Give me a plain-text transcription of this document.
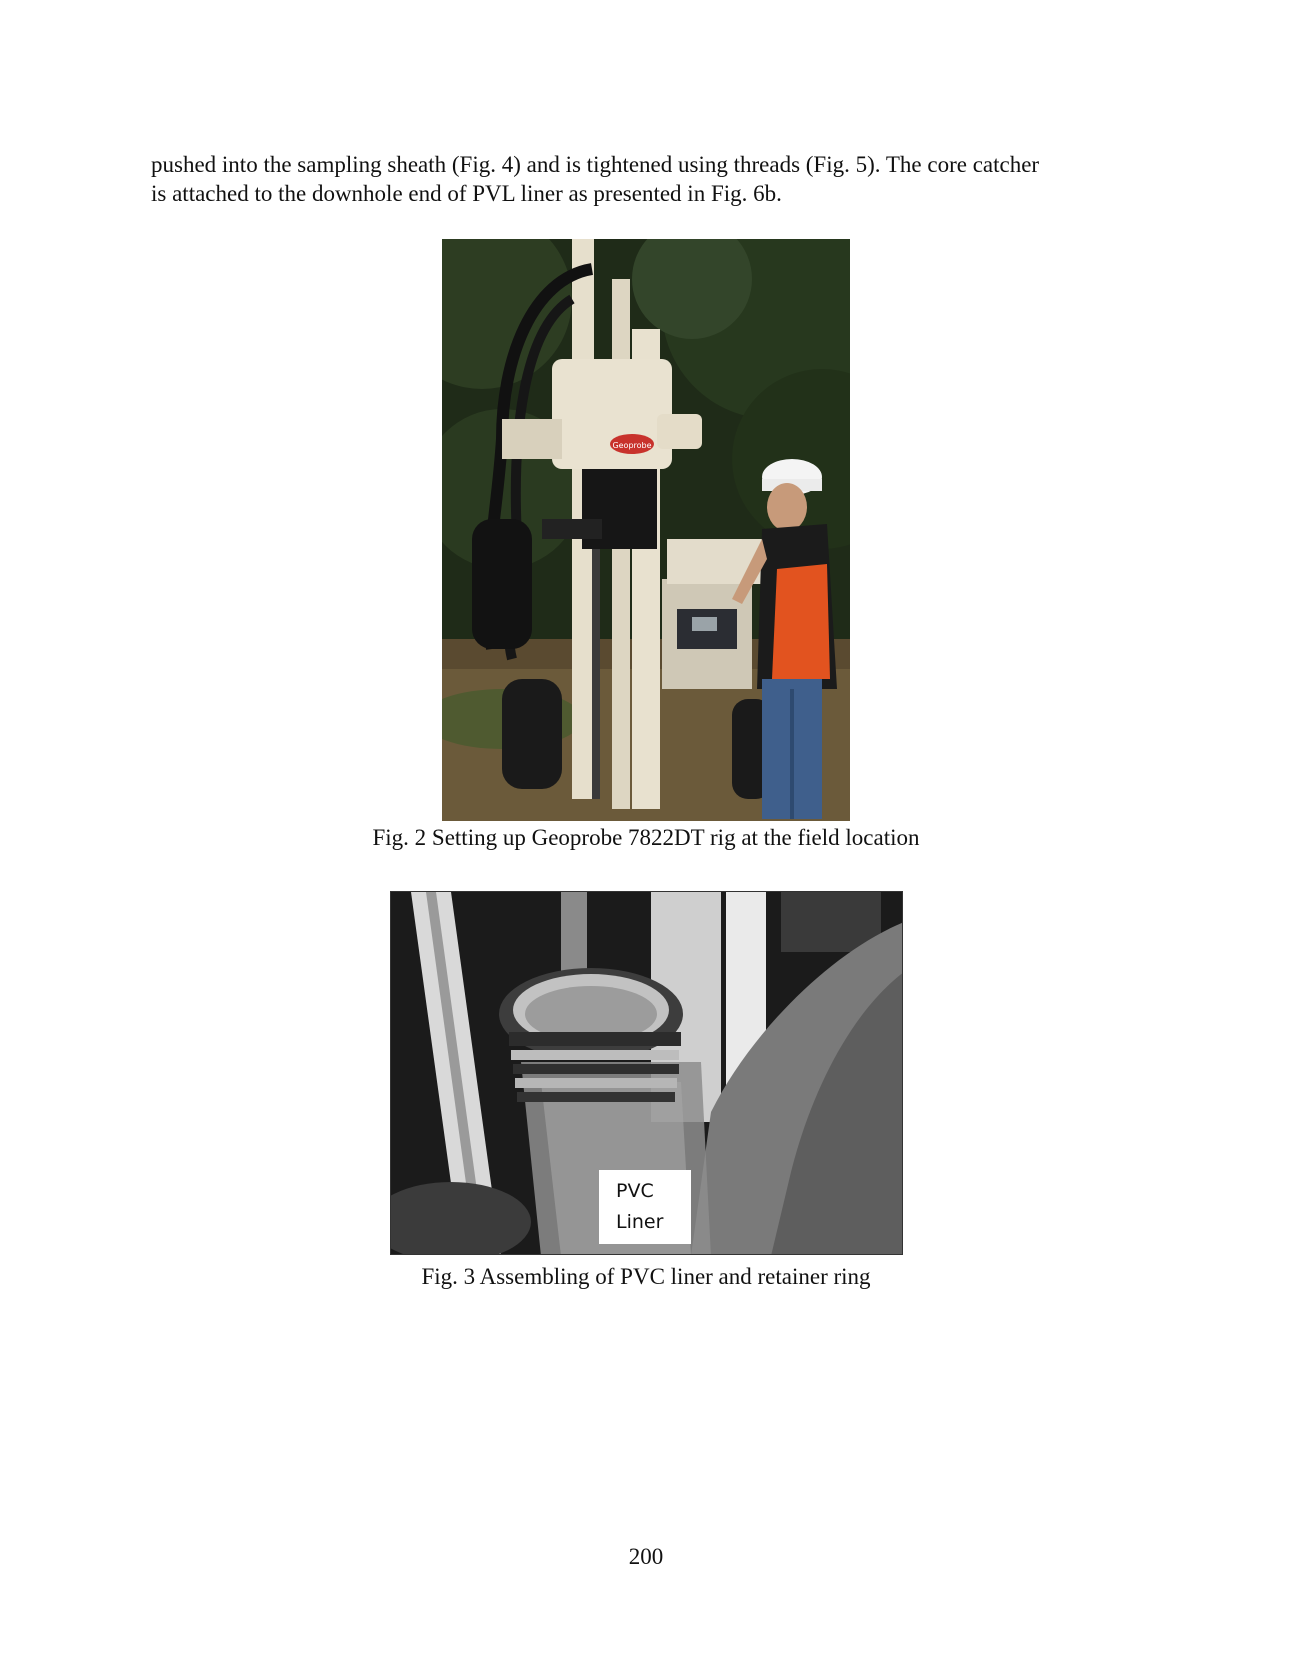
pushed into the sampling sheath (Fig. 4) and is tightened using threads (Fig. 5). The core catcher
is attached to the downhole end of PVL liner as presented in Fig. 6b.

Geoprobe
Fig. 2 Setting up Geoprobe 7822DT rig at the field location
PVC
Liner
Fig. 3 Assembling of PVC liner and retainer ring
200
